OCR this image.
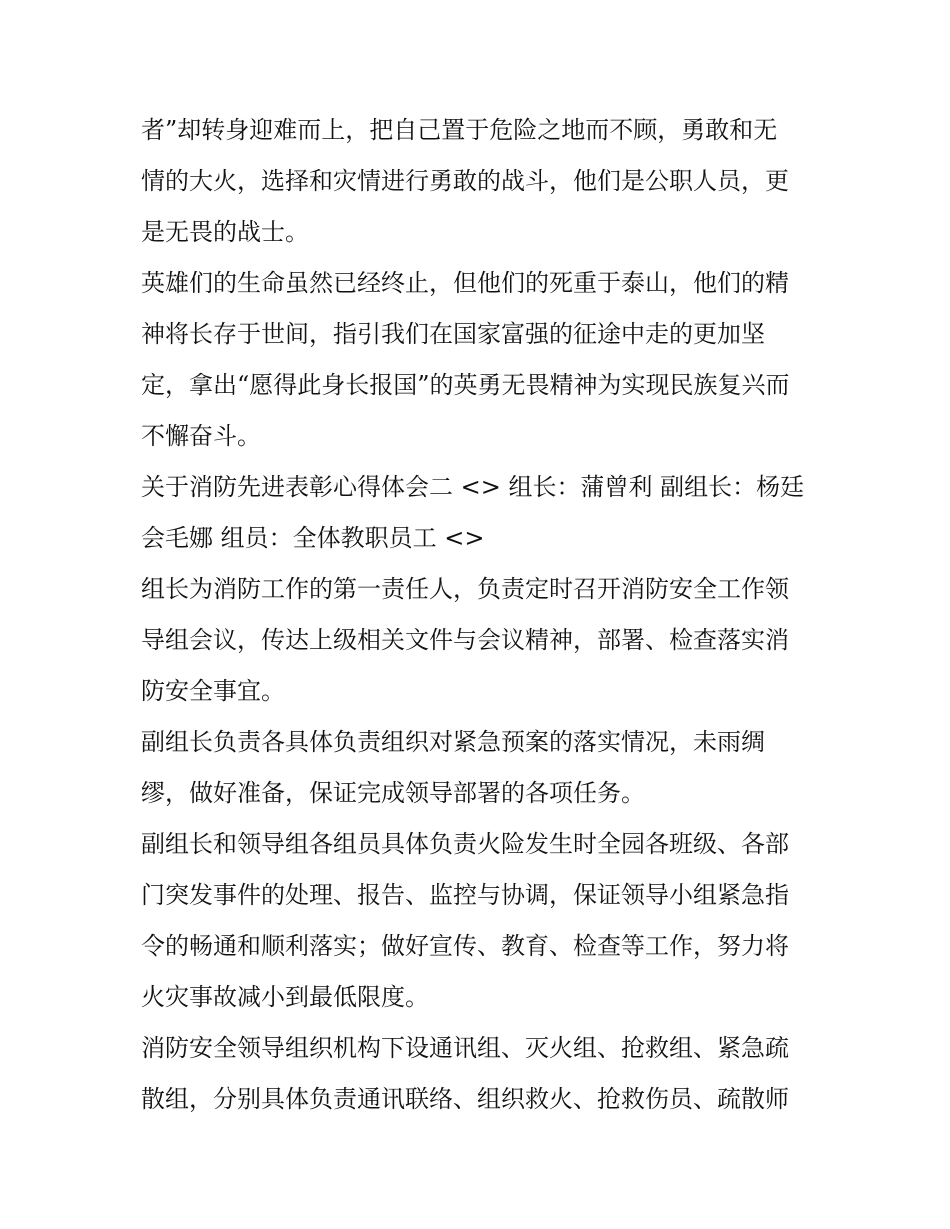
者”却转身迎难而上，把自己置于危险之地而不顾，勇敢和无
情的大火，选择和灾情进行勇敢的战斗，他们是公职人员，更
是无畏的战士。
英雄们的生命虽然已经终止，但他们的死重于泰山，他们的精
神将长存于世间，指引我们在国家富强的征途中走的更加坚
定，拿出“愿得此身长报国”的英勇无畏精神为实现民族复兴而
不懈奋斗。
关于消防先进表彰心得体会二 <> 组长：蒲曾利 副组长：杨廷
会毛娜 组员：全体教职员工 <>
组长为消防工作的第一责任人，负责定时召开消防安全工作领
导组会议，传达上级相关文件与会议精神，部署、检查落实消
防安全事宜。
副组长负责各具体负责组织对紧急预案的落实情况，未雨绸
缪，做好准备，保证完成领导部署的各项任务。
副组长和领导组各组员具体负责火险发生时全园各班级、各部
门突发事件的处理、报告、监控与协调，保证领导小组紧急指
令的畅通和顺利落实；做好宣传、教育、检查等工作，努力将
火灾事故减小到最低限度。
消防安全领导组织机构下设通讯组、灭火组、抢救组、紧急疏
散组，分别具体负责通讯联络、组织救火、抢救伤员、疏散师
